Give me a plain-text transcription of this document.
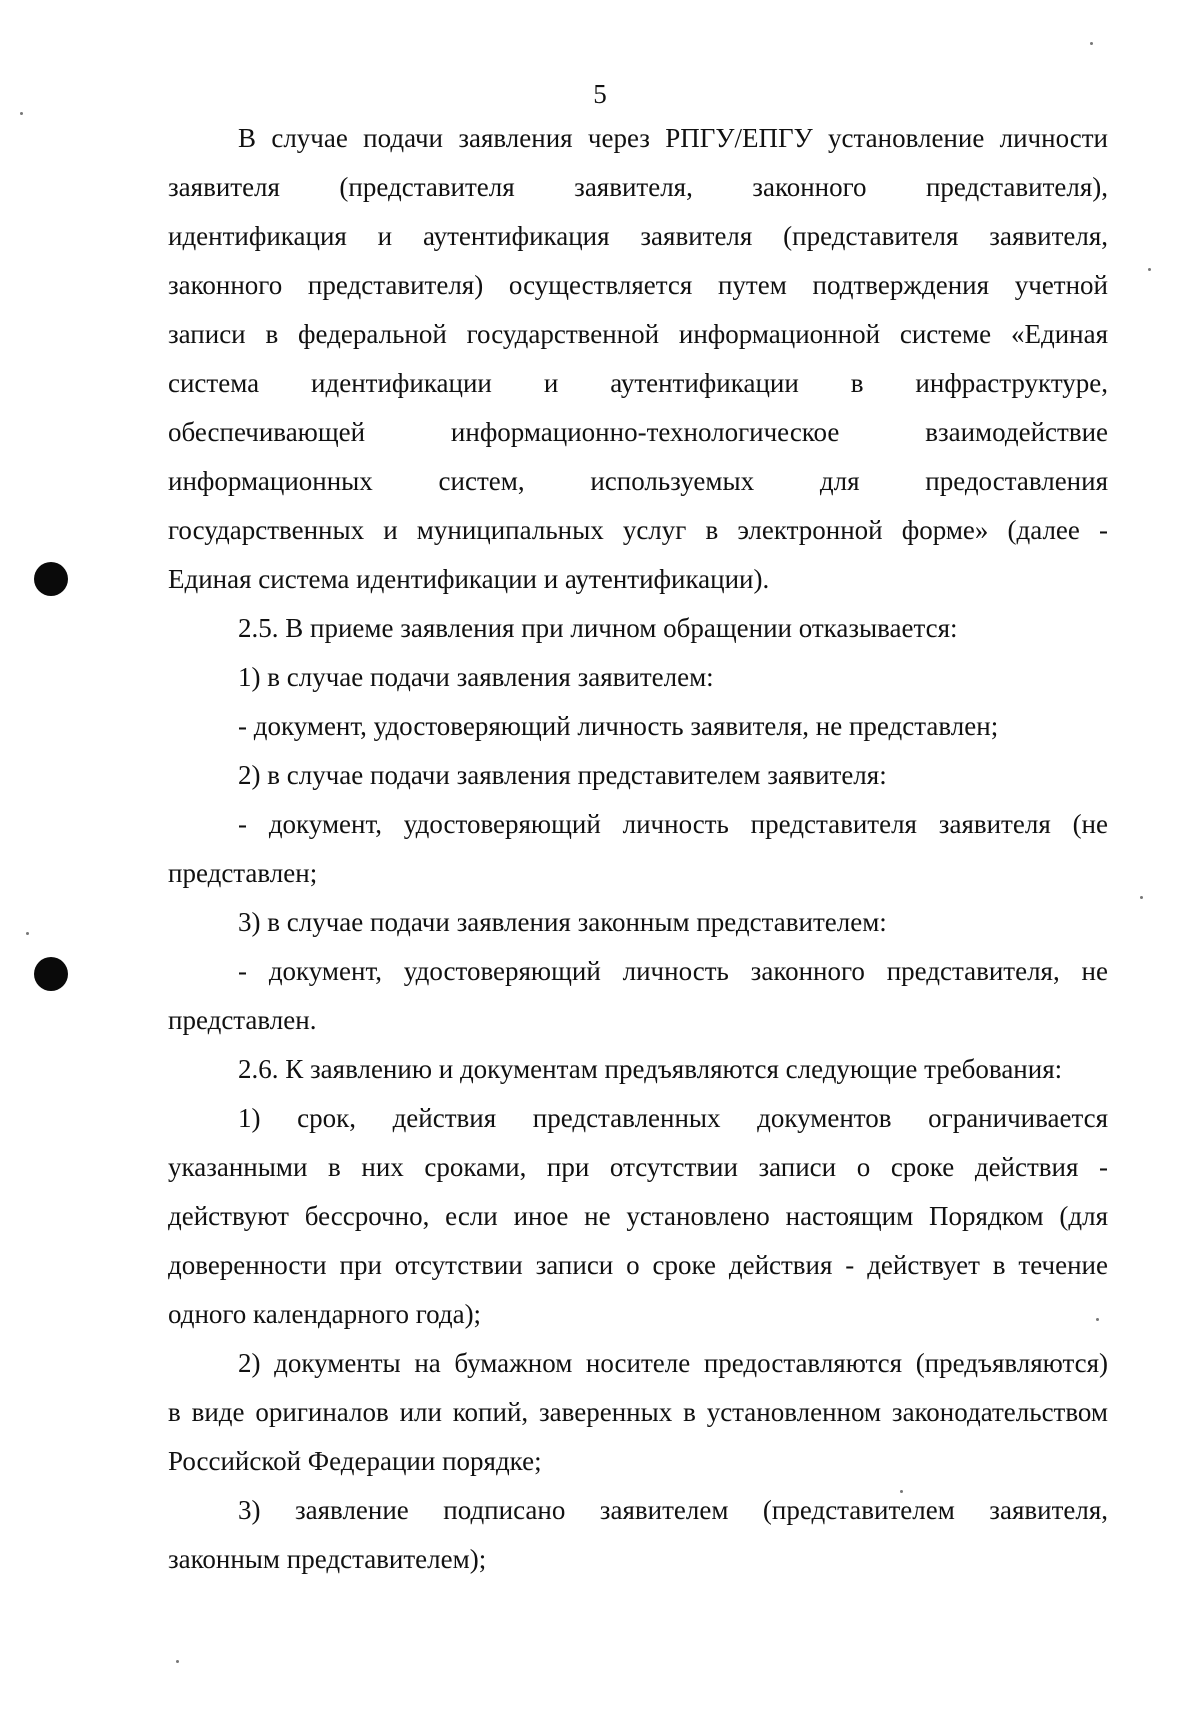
5
В случае подачи заявления через РПГУ/ЕПГУ установление личности
заявителя (представителя заявителя, законного представителя),
идентификация и аутентификация заявителя (представителя заявителя,
законного представителя) осуществляется путем подтверждения учетной
записи в федеральной государственной информационной системе «Единая
система идентификации и аутентификации в инфраструктуре,
обеспечивающей информационно-технологическое взаимодействие
информационных систем, используемых для предоставления
государственных и муниципальных услуг в электронной форме» (далее -
Единая система идентификации и аутентификации).
2.5. В приеме заявления при личном обращении отказывается:
1) в случае подачи заявления заявителем:
- документ, удостоверяющий личность заявителя, не представлен;
2) в случае подачи заявления представителем заявителя:
- документ, удостоверяющий личность представителя заявителя (не
представлен;
3) в случае подачи заявления законным представителем:
- документ, удостоверяющий личность законного представителя, не
представлен.
2.6. К заявлению и документам предъявляются следующие требования:
1) срок, действия представленных документов ограничивается
указанными в них сроками, при отсутствии записи о сроке действия -
действуют бессрочно, если иное не установлено настоящим Порядком (для
доверенности при отсутствии записи о сроке действия - действует в течение
одного календарного года);
2) документы на бумажном носителе предоставляются (предъявляются)
в виде оригиналов или копий, заверенных в установленном законодательством
Российской Федерации порядке;
3) заявление подписано заявителем (представителем заявителя,
законным представителем);
